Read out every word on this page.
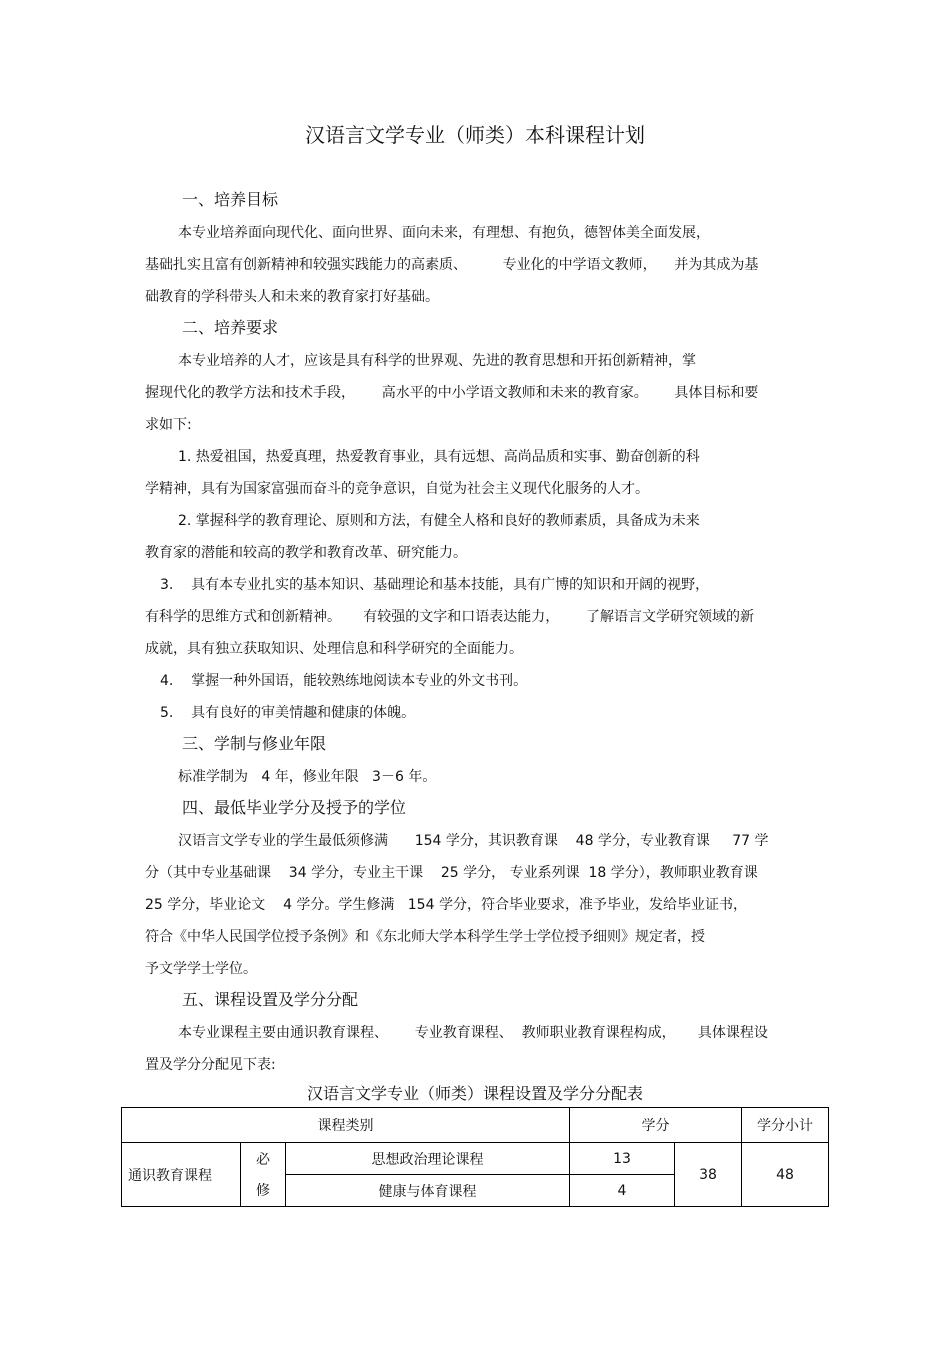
汉语言文学专业（师类）本科课程计划
一、培养目标
本专业培养面向现代化、面向世界、面向未来，有理想、有抱负，德智体美全面发展，
基础扎实且富有创新精神和较强实践能力的高素质、        专业化的中学语文教师，    并为其成为基
础教育的学科带头人和未来的教育家打好基础。
二、培养要求
本专业培养的人才，应该是具有科学的世界观、先进的教育思想和开拓创新精神，掌
握现代化的教学方法和技术手段，      高水平的中小学语文教师和未来的教育家。      具体目标和要
求如下:
1. 热爱祖国，热爱真理，热爱教育事业，具有远想、高尚品质和实事、勤奋创新的科
学精神，具有为国家富强而奋斗的竞争意识，自觉为社会主义现代化服务的人才。
2. 掌握科学的教育理论、原则和方法，有健全人格和良好的教师素质，具备成为未来
教育家的潜能和较高的教学和教育改革、研究能力。
3.    具有本专业扎实的基本知识、基础理论和基本技能，具有广博的知识和开阔的视野，
有科学的思维方式和创新精神。     有较强的文字和口语表达能力，      了解语言文学研究领域的新
成就，具有独立获取知识、处理信息和科学研究的全面能力。
4.    掌握一种外国语，能较熟练地阅读本专业的外文书刊。
5.    具有良好的审美情趣和健康的体魄。
三、学制与修业年限
标准学制为   4 年，修业年限   3－6 年。
四、最低毕业学分及授予的学位
汉语言文学专业的学生最低须修满      154 学分，其识教育课    48 学分，专业教育课     77 学
分（其中专业基础课    34 学分，专业主干课    25 学分， 专业系列课  18 学分），教师职业教育课
25 学分，毕业论文    4 学分。学生修满   154 学分，符合毕业要求，准予毕业，发给毕业证书，
符合《中华人民国学位授予条例》和《东北师大学本科学生学士学位授予细则》规定者，授
予文学学士学位。
五、课程设置及学分分配
本专业课程主要由通识教育课程、      专业教育课程、  教师职业教育课程构成，     具体课程设
置及学分分配见下表:
汉语言文学专业（师类）课程设置及学分分配表
课程类别			学分		学分小计
通识教育课程	必	思想政治理论课程	13	38	48
	修	健康与体育课程	4		
